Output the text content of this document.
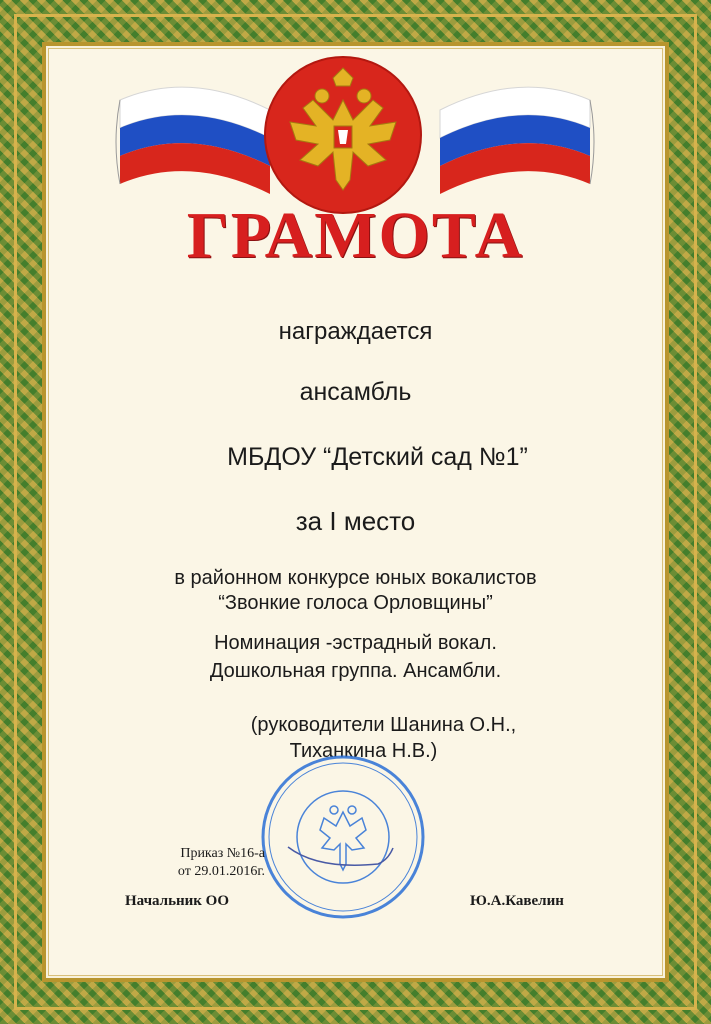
ГРАМОТА
награждается
ансамбль
МБДОУ “Детский сад №1”
за I место
в районном конкурсе юных вокалистов
“Звонкие голоса Орловщины”
Номинация -эстрадный вокал.
Дошкольная группа. Ансамбли.
(руководители Шанина О.Н.,
Тиханкина Н.В.)
Приказ №16-а
от 29.01.2016г.
Начальник ОО	Ю.А.Кавелин
